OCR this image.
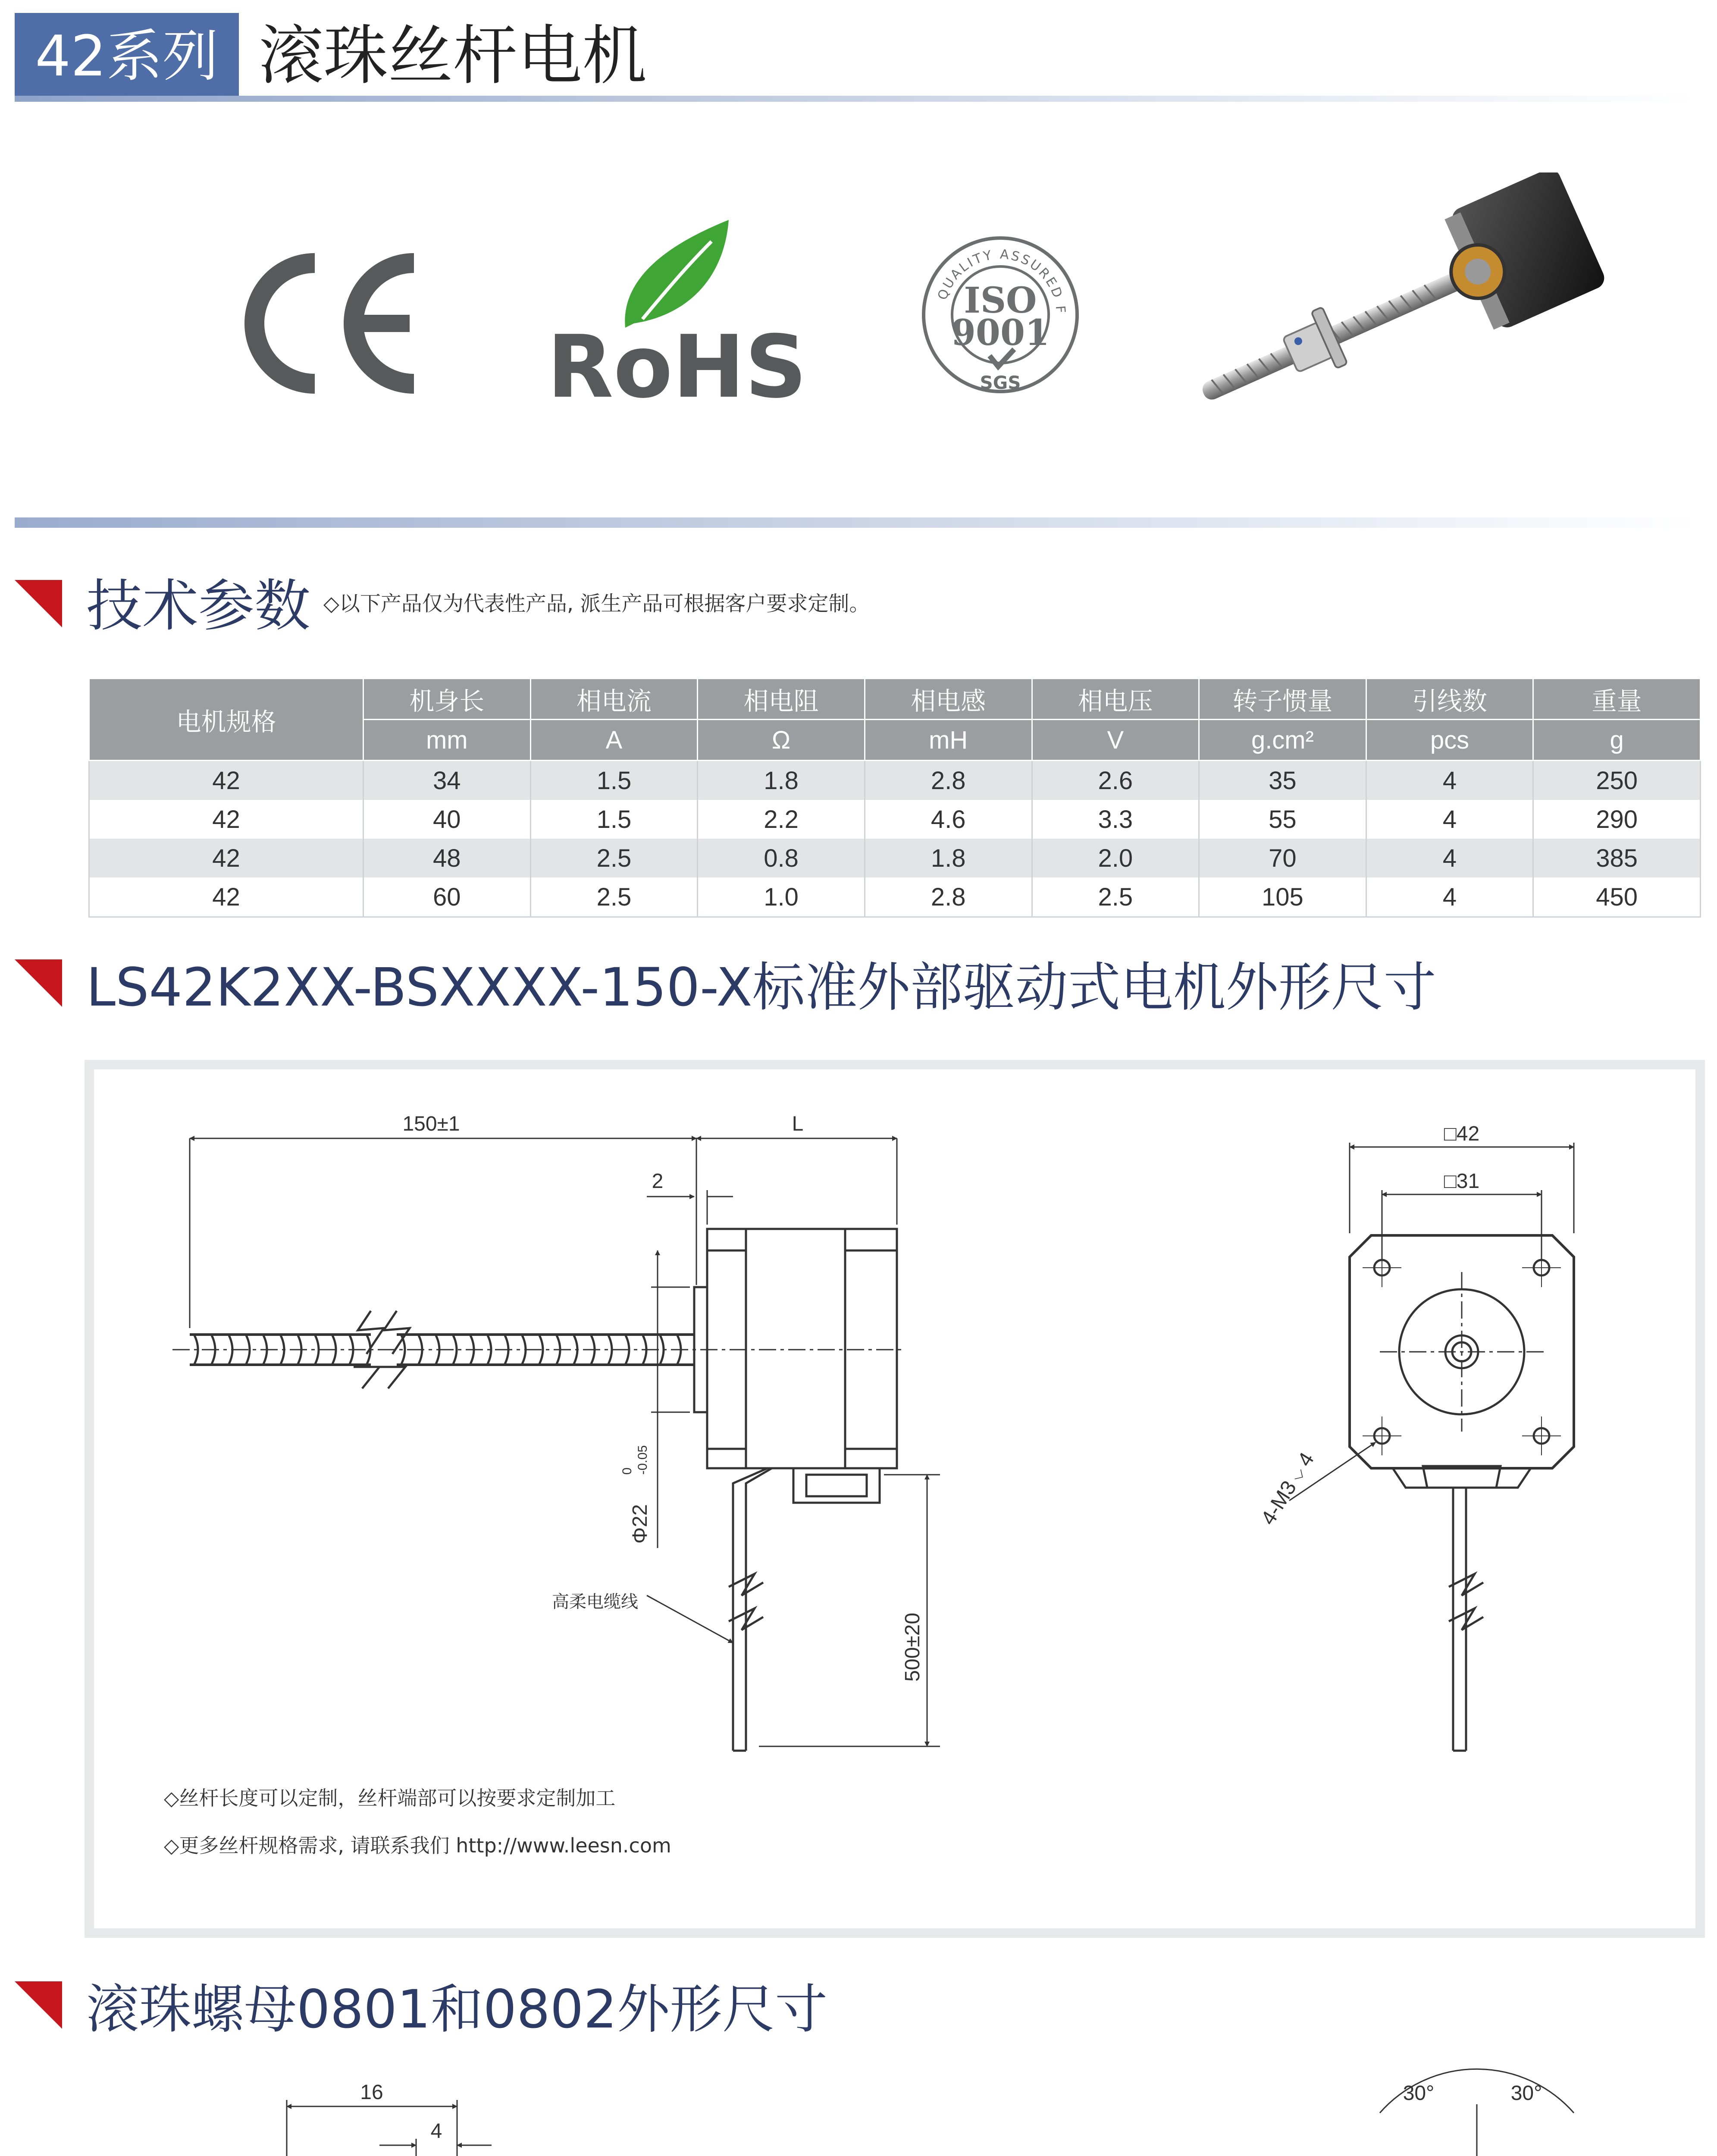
42系列 滚珠丝杆电机
RoHS
QUALITY ASSURED F
ISO
9001
SGS
技术参数 ◇以下产品仅为代表性产品, 派生产品可根据客户要求定制。
电机规格	机身长	相电流	相电阻	相电感	相电压	转子惯量	引线数	重量
	mm	A	Ω	mH	V	g.cm²	pcs	g
42	34	1.5	1.8	2.8	2.6	35	4	250
42	40	1.5	2.2	4.6	3.3	55	4	290
42	48	2.5	0.8	1.8	2.0	70	4	385
42	60	2.5	1.0	2.8	2.5	105	4	450
LS42K2XX-BSXXXX-150-X标准外部驱动式电机外形尺寸
150±1	L
2
Φ22
0 -0.05
500±20
高柔电缆线
□42
□31
4-M3
⌵
4
◇丝杆长度可以定制，丝杆端部可以按要求定制加工
◇更多丝杆规格需求, 请联系我们 http://www.leesn.com
滚珠螺母0801和0802外形尺寸
16
4
30°	30°
